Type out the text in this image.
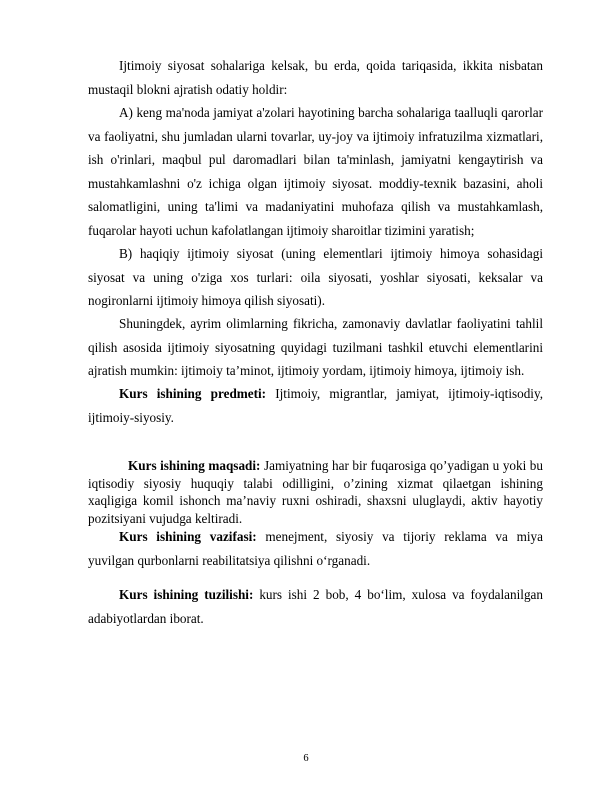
Ijtimoiy siyosat sohalariga kelsak, bu erda, qoida tariqasida, ikkita nisbatan mustaqil blokni ajratish odatiy holdir:
A) keng ma'noda jamiyat a'zolari hayotining barcha sohalariga taalluqli qarorlar va faoliyatni, shu jumladan ularni tovarlar, uy-joy va ijtimoiy infratuzilma xizmatlari, ish o'rinlari, maqbul pul daromadlari bilan ta'minlash, jamiyatni kengaytirish va mustahkamlashni o'z ichiga olgan ijtimoiy siyosat. moddiy-texnik bazasini, aholi salomatligini, uning ta'limi va madaniyatini muhofaza qilish va mustahkamlash, fuqarolar hayoti uchun kafolatlangan ijtimoiy sharoitlar tizimini yaratish;
B) haqiqiy ijtimoiy siyosat (uning elementlari ijtimoiy himoya sohasidagi siyosat va uning o'ziga xos turlari: oila siyosati, yoshlar siyosati, keksalar va nogironlarni ijtimoiy himoya qilish siyosati).
Shuningdek, ayrim olimlarning fikricha, zamonaviy davlatlar faoliyatini tahlil qilish asosida ijtimoiy siyosatning quyidagi tuzilmani tashkil etuvchi elementlarini ajratish mumkin: ijtimoiy ta’minot, ijtimoiy yordam, ijtimoiy himoya, ijtimoiy ish.
Kurs ishining predmeti: Ijtimoiy, migrantlar, jamiyat, ijtimoiy-iqtisodiy, ijtimoiy-siyosiy.
Kurs ishining maqsadi: Jamiyatning har bir fuqarosiga qo’yadigan u yoki bu iqtisodiy siyosiy huquqiy talabi odilligini, o’zining xizmat qilaetgan ishining xaqligiga komil ishonch ma’naviy ruxni oshiradi, shaxsni uluglaydi, aktiv hayotiy pozitsiyani vujudga keltiradi.
Kurs ishining vazifasi: menejment, siyosiy va tijoriy reklama va miya yuvilgan qurbonlarni reabilitatsiya qilishni o‘rganadi.
Kurs ishining tuzilishi: kurs ishi 2 bob, 4 bo‘lim, xulosa va foydalanilgan adabiyotlardan iborat.
6
